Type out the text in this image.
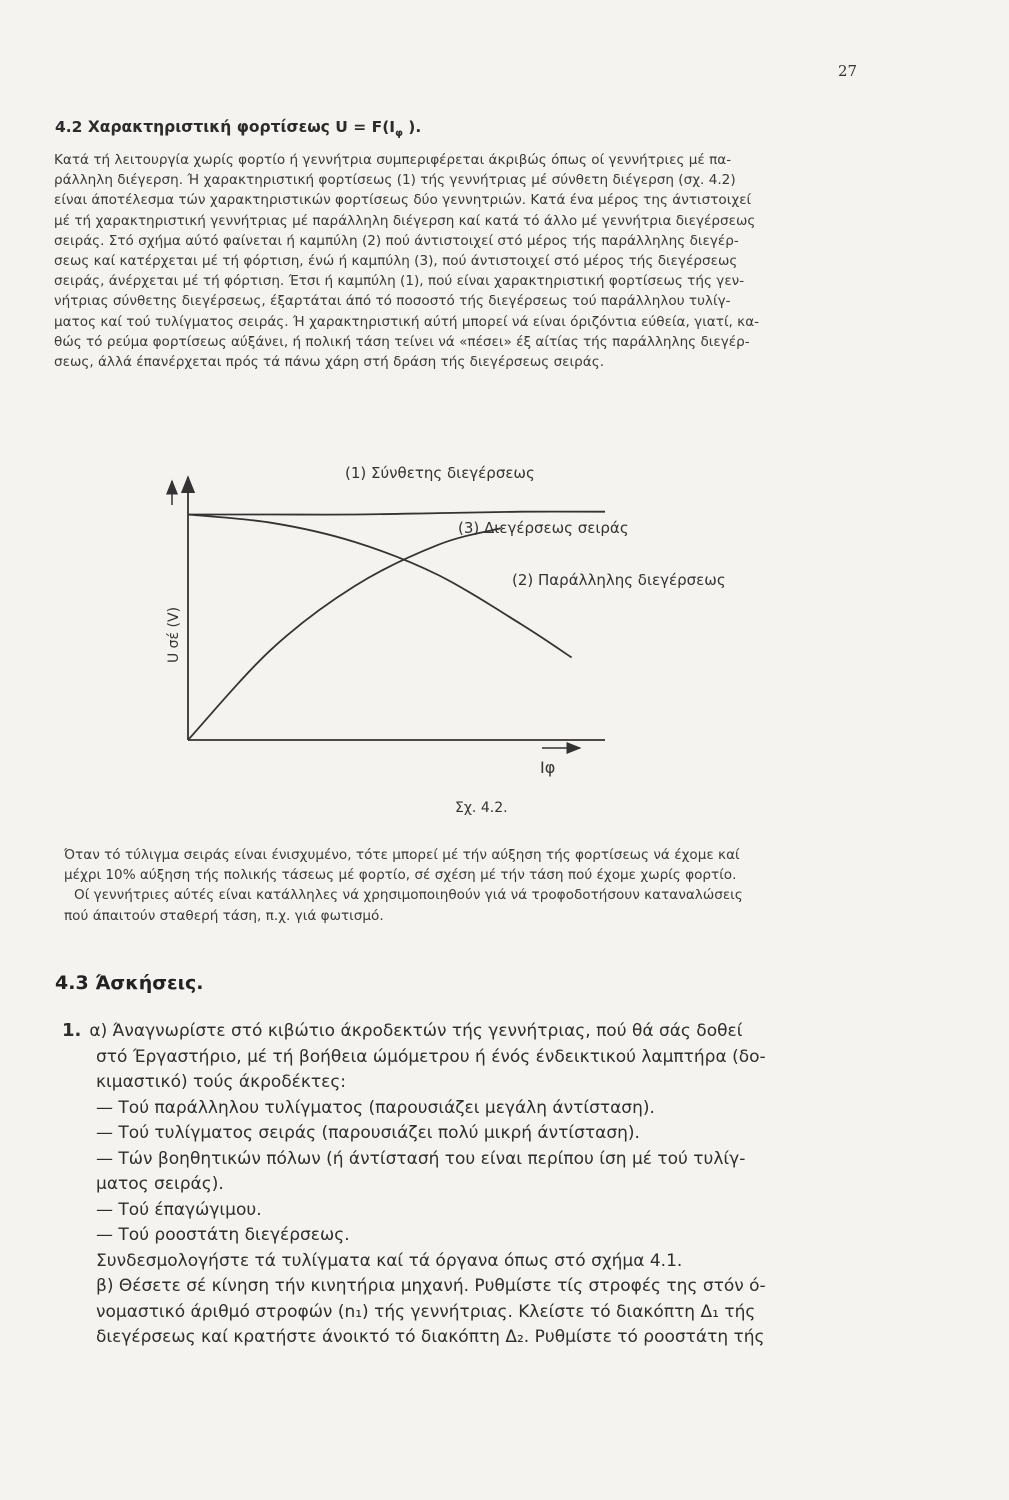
27
4.2 Χαρακτηριστική φορτίσεως $U = F(I_\varphi$ ).

Κατά τή λειτουργία χωρίς φορτίο ή γεννήτρια συμπεριφέρεται άκριβώς όπως οί γεννήτριες μέ πα-
ράλληλη διέγερση. Ή χαρακτηριστική φορτίσεως (1) τής γεννήτριας μέ σύνθετη διέγερση (σχ. 4.2)
είναι άποτέλεσμα τών χαρακτηριστικών φορτίσεως δύο γεννητριών. Κατά ένα μέρος της άντιστοιχεί
μέ τή χαρακτηριστική γεννήτριας μέ παράλληλη διέγερση καί κατά τό άλλο μέ γεννήτρια διεγέρσεως
σειράς. Στό σχήμα αύτό φαίνεται ή καμπύλη (2) πού άντιστοιχεί στό μέρος τής παράλληλης διεγέρ-
σεως καί κατέρχεται μέ τή φόρτιση, ένώ ή καμπύλη (3), πού άντιστοιχεί στό μέρος τής διεγέρσεως
σειράς, άνέρχεται μέ τή φόρτιση. Έτσι ή καμπύλη (1), πού είναι χαρακτηριστική φορτίσεως τής γεν-
νήτριας σύνθετης διεγέρσεως, έξαρτάται άπό τό ποσοστό τής διεγέρσεως τού παράλληλου τυλίγ-
ματος καί τού τυλίγματος σειράς. Ή χαρακτηριστική αύτή μπορεί νά είναι όριζόντια εύθεία, γιατί, κα-
θώς τό ρεύμα φορτίσεως αύξάνει, ή πολική τάση τείνει νά «πέσει» έξ αίτίας τής παράλληλης διεγέρ-
σεως, άλλά έπανέρχεται πρός τά πάνω χάρη στή δράση τής διεγέρσεως σειράς.

U σέ (V)
Iφ
(1) Σύνθετης διεγέρσεως
(3) Διεγέρσεως σειράς
(2) Παράλληλης διεγέρσεως
Σχ. 4.2.

Όταν τό τύλιγμα σειράς είναι ένισχυμένο, τότε μπορεί μέ τήν αύξηση τής φορτίσεως νά έχομε καί
μέχρι 10% αύξηση τής πολικής τάσεως μέ φορτίο, σέ σχέση μέ τήν τάση πού έχομε χωρίς φορτίο.
Οί γεννήτριες αύτές είναι κατάλληλες νά χρησιμοποιηθούν γιά νά τροφοδοτήσουν καταναλώσεις
πού άπαιτούν σταθερή τάση, π.χ. γιά φωτισμό.

4.3 Άσκήσεις.
1. α) Άναγνωρίστε στό κιβώτιο άκροδεκτών τής γεννήτριας, πού θά σάς δοθεί
στό Έργαστήριο, μέ τή βοήθεια ώμόμετρου ή ένός ένδεικτικού λαμπτήρα (δο-
κιμαστικό) τούς άκροδέκτες:
— Τού παράλληλου τυλίγματος (παρουσιάζει μεγάλη άντίσταση).
— Τού τυλίγματος σειράς (παρουσιάζει πολύ μικρή άντίσταση).
— Τών βοηθητικών πόλων (ή άντίστασή του είναι περίπου ίση μέ τού τυλίγ-
ματος σειράς).
— Τού έπαγώγιμου.
— Τού ροοστάτη διεγέρσεως.
Συνδεσμολογήστε τά τυλίγματα καί τά όργανα όπως στό σχήμα 4.1.
β) Θέσετε σέ κίνηση τήν κινητήρια μηχανή. Ρυθμίστε τίς στροφές της στόν ό-
νομαστικό άριθμό στροφών (n₁) τής γεννήτριας. Κλείστε τό διακόπτη Δ₁ τής
διεγέρσεως καί κρατήστε άνοικτό τό διακόπτη Δ₂. Ρυθμίστε τό ροοστάτη τής
